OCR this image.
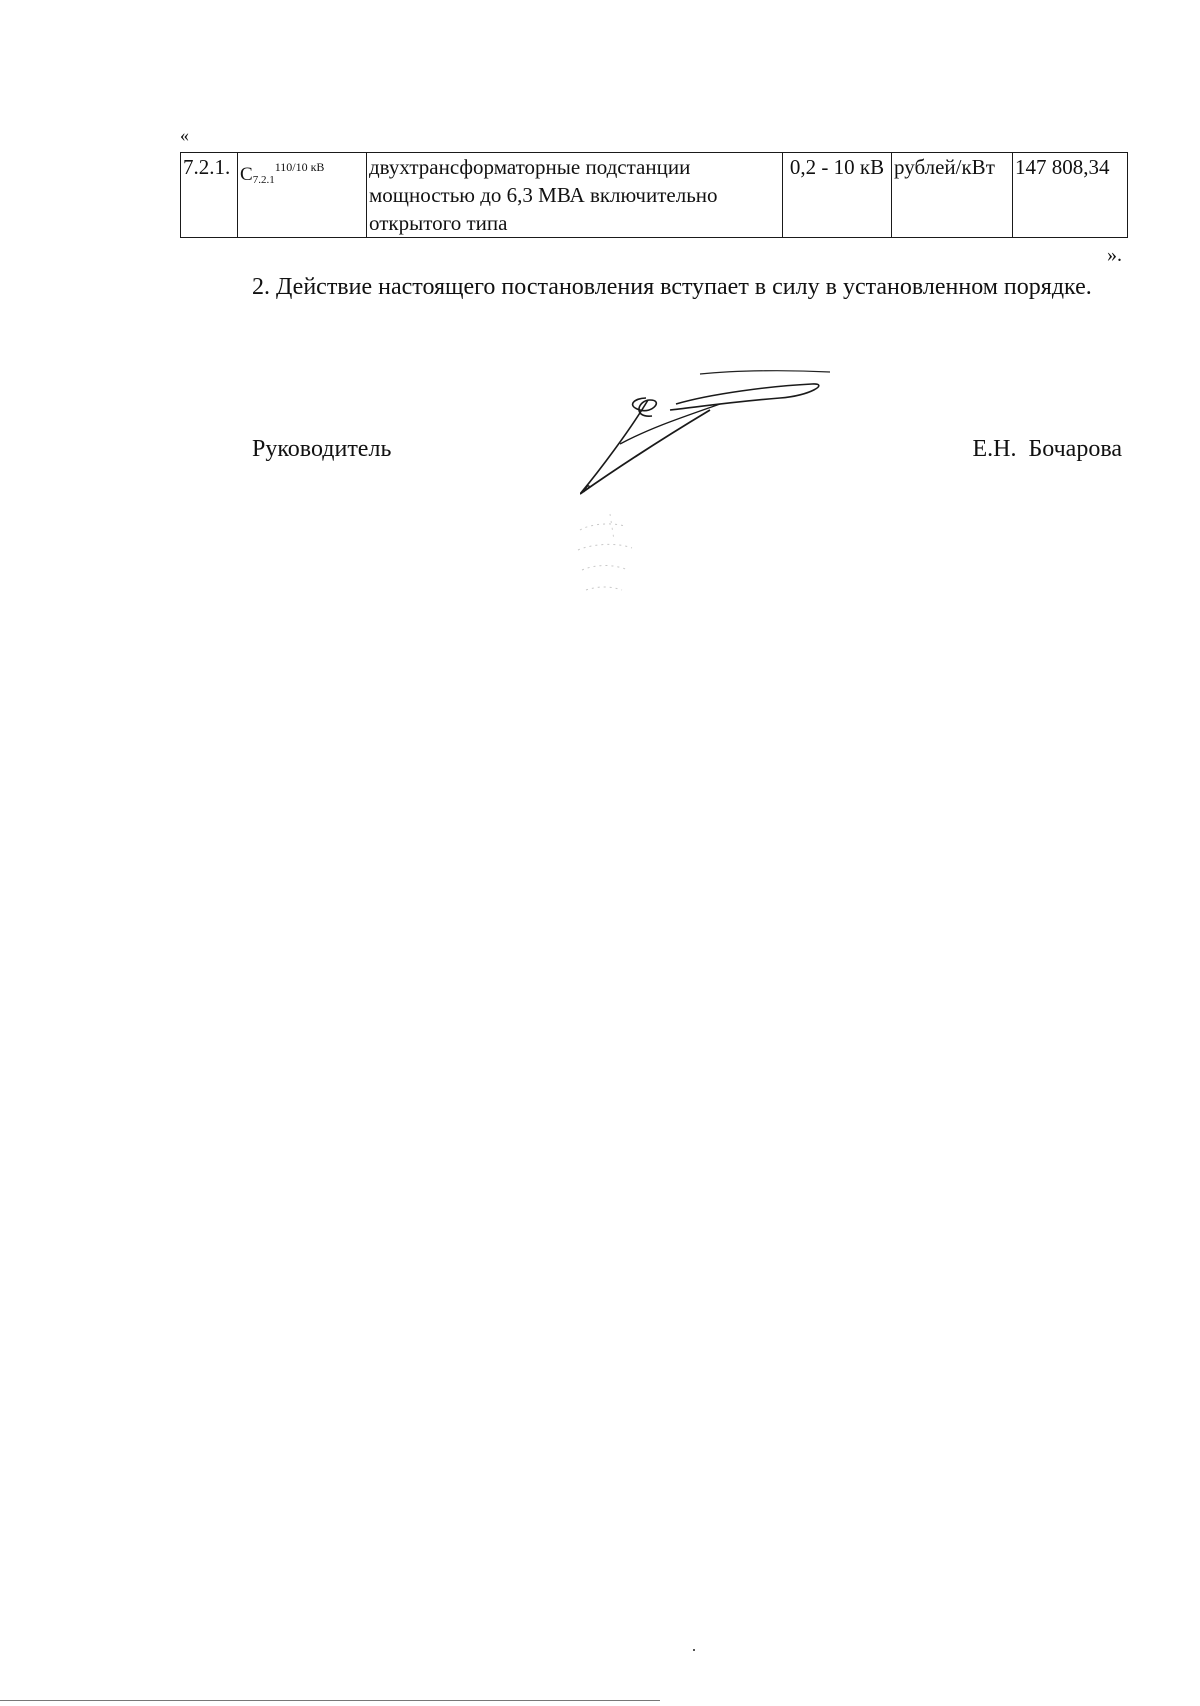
«
7.2.1.	$C7.2.1^{110/10 кВ}$	двухтрансформаторные подстанции мощностью до 6,3 МВА включительно открытого типа	0,2 - 10 кВ	рублей/кВт	147 808,34
».
2. Действие настоящего постановления вступает в силу в установленном порядке.
Руководитель	Е.Н. Бочарова
